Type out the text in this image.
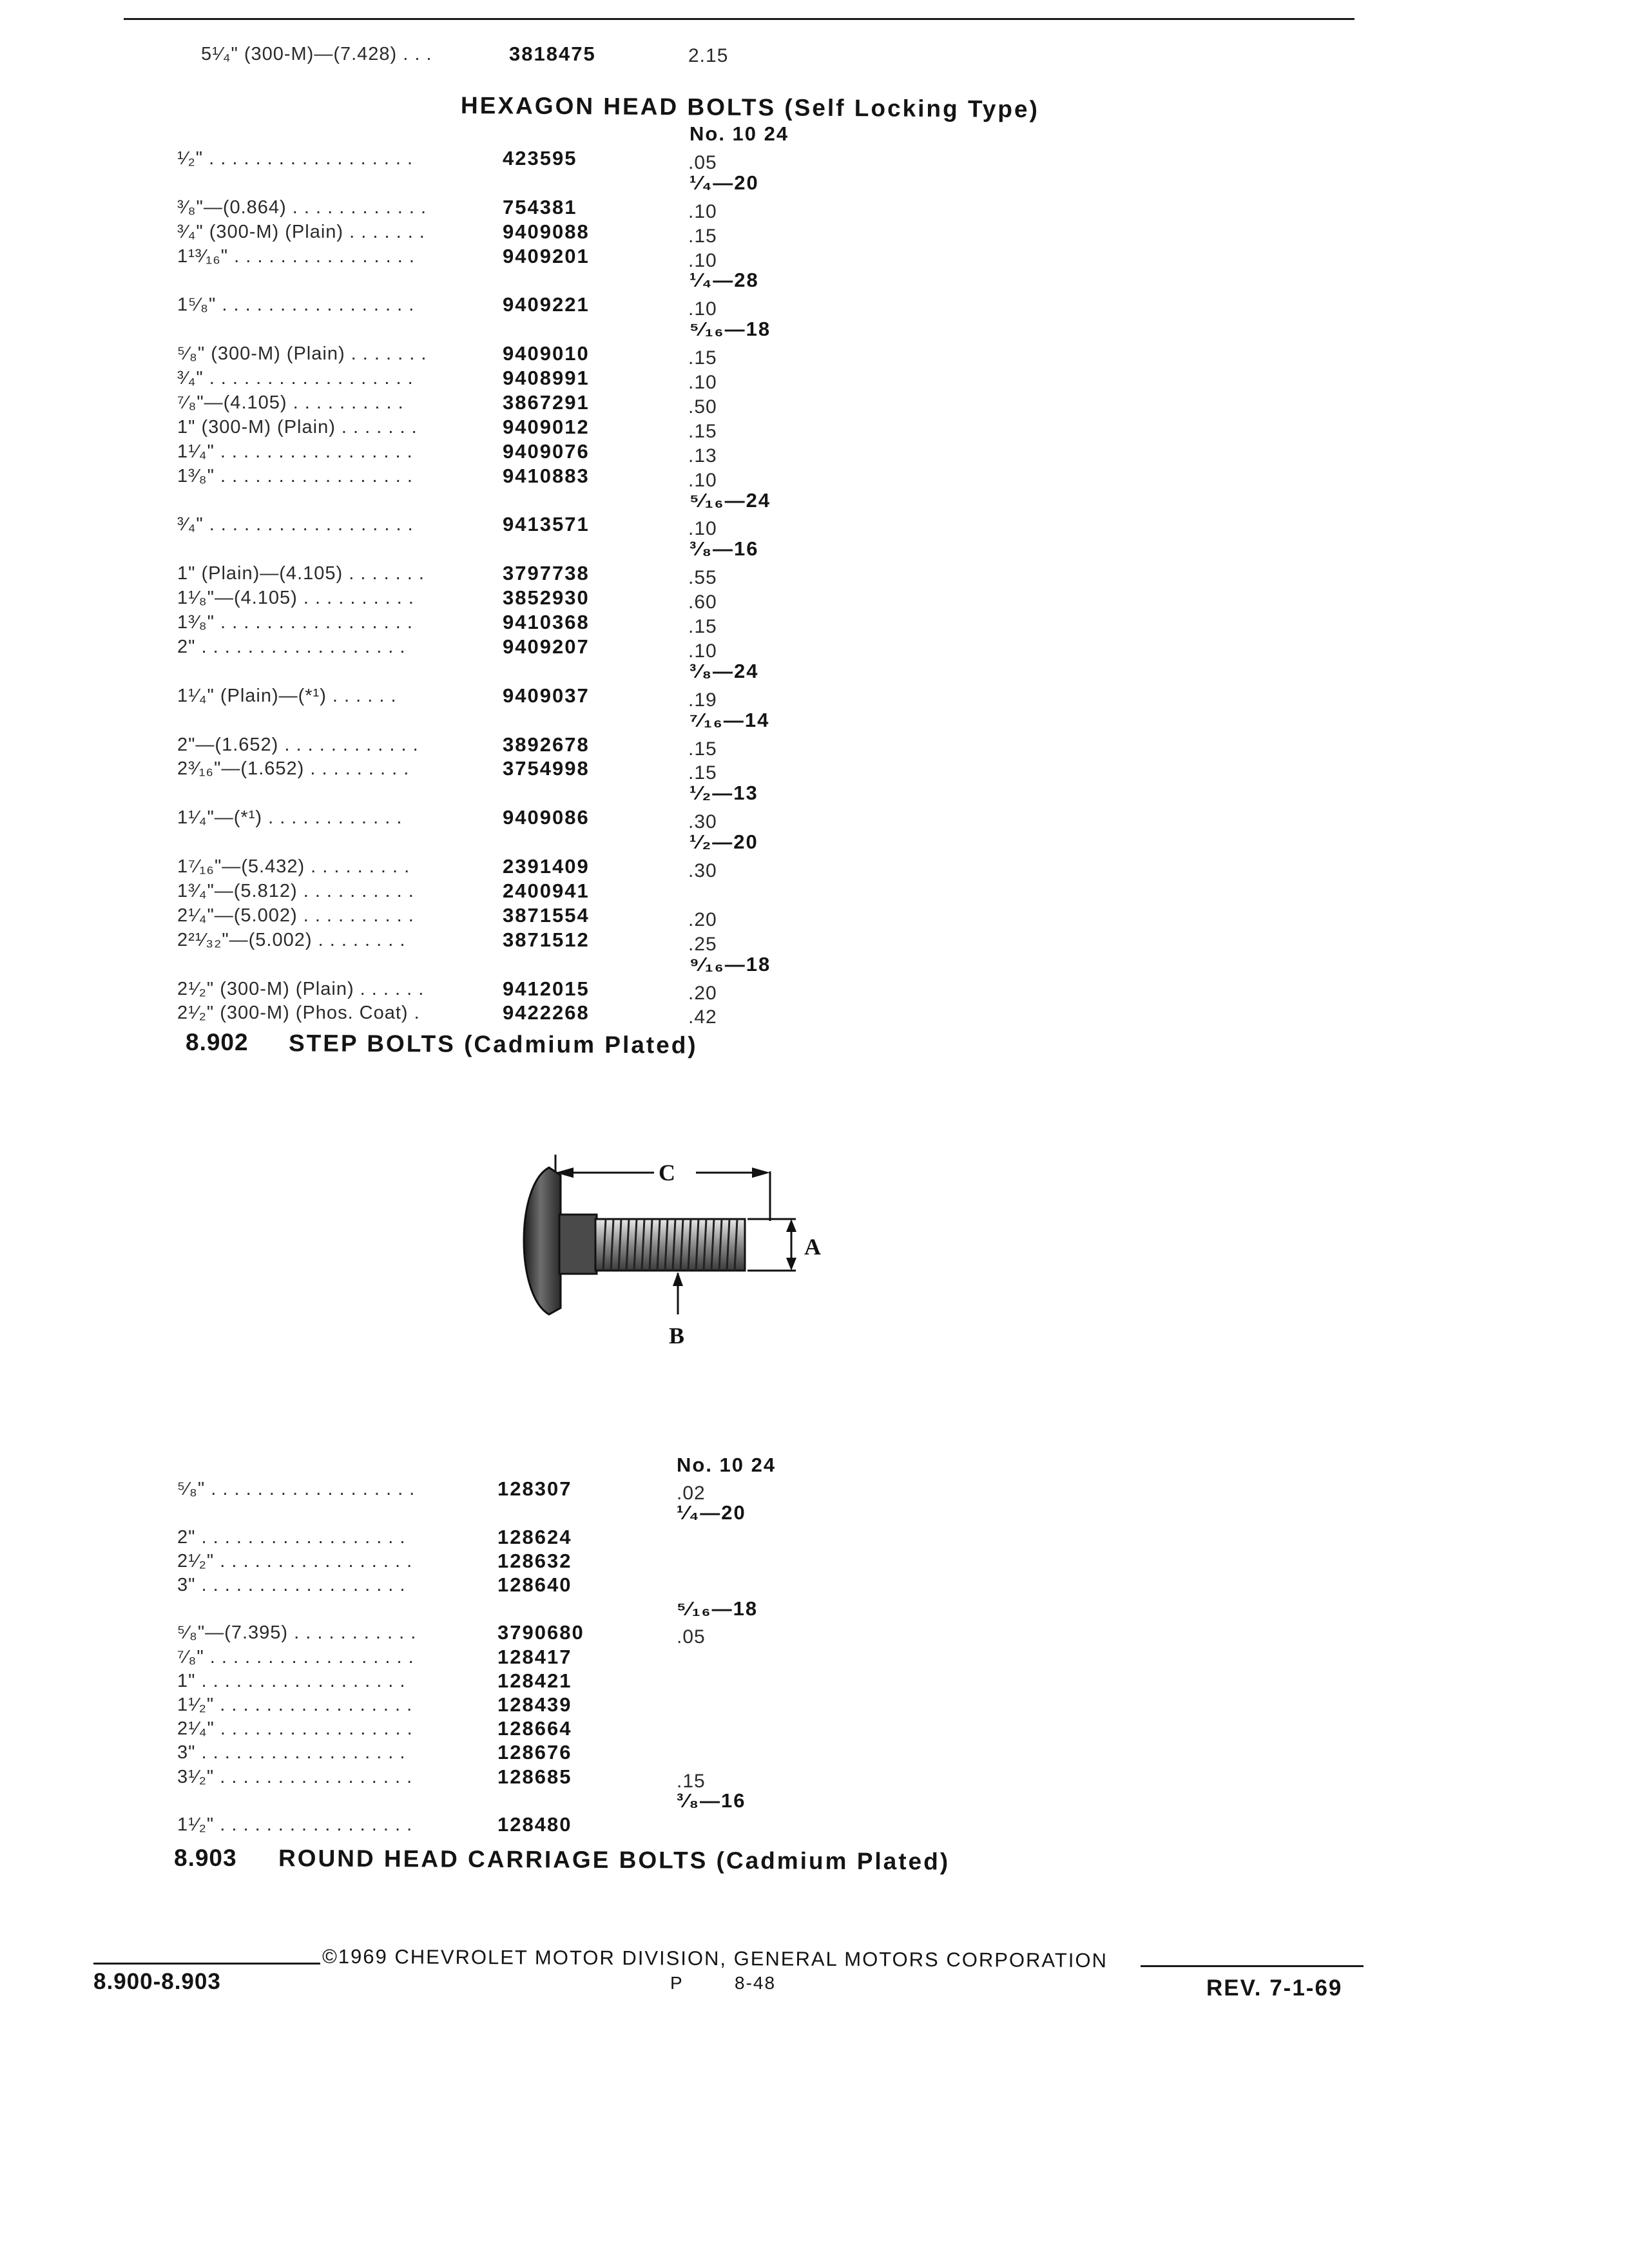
5¹⁄₄" (300-M)—(7.428) . . .	3818475	2.15
HEXAGON HEAD BOLTS (Self Locking Type)
No. 10 24
¹⁄₂" . . . . . . . . . . . . . . . . . .	423595	.05
¹⁄₄—20
³⁄₈"—(0.864) . . . . . . . . . . . .	754381	.10
³⁄₄" (300-M) (Plain) . . . . . . .	9409088	.15
1¹³⁄₁₆" . . . . . . . . . . . . . . . .	9409201	.10
¹⁄₄—28
1⁵⁄₈" . . . . . . . . . . . . . . . . .	9409221	.10
⁵⁄₁₆—18
⁵⁄₈" (300-M) (Plain) . . . . . . .	9409010	.15
³⁄₄" . . . . . . . . . . . . . . . . . .	9408991	.10
⁷⁄₈"—(4.105) . . . . . . . . . .	3867291	.50
1" (300-M) (Plain) . . . . . . .	9409012	.15
1¹⁄₄" . . . . . . . . . . . . . . . . .	9409076	.13
1³⁄₈" . . . . . . . . . . . . . . . . .	9410883	.10
⁵⁄₁₆—24
³⁄₄" . . . . . . . . . . . . . . . . . .	9413571	.10
³⁄₈—16
1" (Plain)—(4.105) . . . . . . .	3797738	.55
1¹⁄₈"—(4.105) . . . . . . . . . .	3852930	.60
1³⁄₈" . . . . . . . . . . . . . . . . .	9410368	.15
2" . . . . . . . . . . . . . . . . . .	9409207	.10
³⁄₈—24
1¹⁄₄" (Plain)—(*¹) . . . . . .	9409037	.19
⁷⁄₁₆—14
2"—(1.652) . . . . . . . . . . . .	3892678	.15
2³⁄₁₆"—(1.652) . . . . . . . . .	3754998	.15
¹⁄₂—13
1¹⁄₄"—(*¹) . . . . . . . . . . . .	9409086	.30
¹⁄₂—20
1⁷⁄₁₆"—(5.432) . . . . . . . . .	2391409	.30
1³⁄₄"—(5.812) . . . . . . . . . .	2400941
2¹⁄₄"—(5.002) . . . . . . . . . .	3871554	.20
2²¹⁄₃₂"—(5.002) . . . . . . . .	3871512	.25
⁹⁄₁₆—18
2¹⁄₂" (300-M) (Plain) . . . . . .	9412015	.20
2¹⁄₂" (300-M) (Phos. Coat) .	9422268	.42
8.902 STEP BOLTS (Cadmium Plated)
C
A
B
No. 10 24
⁵⁄₈" . . . . . . . . . . . . . . . . . .	128307	.02
¹⁄₄—20
2" . . . . . . . . . . . . . . . . . .	128624
2¹⁄₂" . . . . . . . . . . . . . . . . .	128632
3" . . . . . . . . . . . . . . . . . .	128640
⁵⁄₁₆—18
⁵⁄₈"—(7.395) . . . . . . . . . . .	3790680	.05
⁷⁄₈" . . . . . . . . . . . . . . . . . .	128417
1" . . . . . . . . . . . . . . . . . .	128421
1¹⁄₂" . . . . . . . . . . . . . . . . .	128439
2¹⁄₄" . . . . . . . . . . . . . . . . .	128664
3" . . . . . . . . . . . . . . . . . .	128676
3¹⁄₂" . . . . . . . . . . . . . . . . .	128685	.15
³⁄₈—16
1¹⁄₂" . . . . . . . . . . . . . . . . .	128480
8.903 ROUND HEAD CARRIAGE BOLTS (Cadmium Plated)
©1969 CHEVROLET MOTOR DIVISION, GENERAL MOTORS CORPORATION
8.900-8.903	P	8-48	REV. 7-1-69
